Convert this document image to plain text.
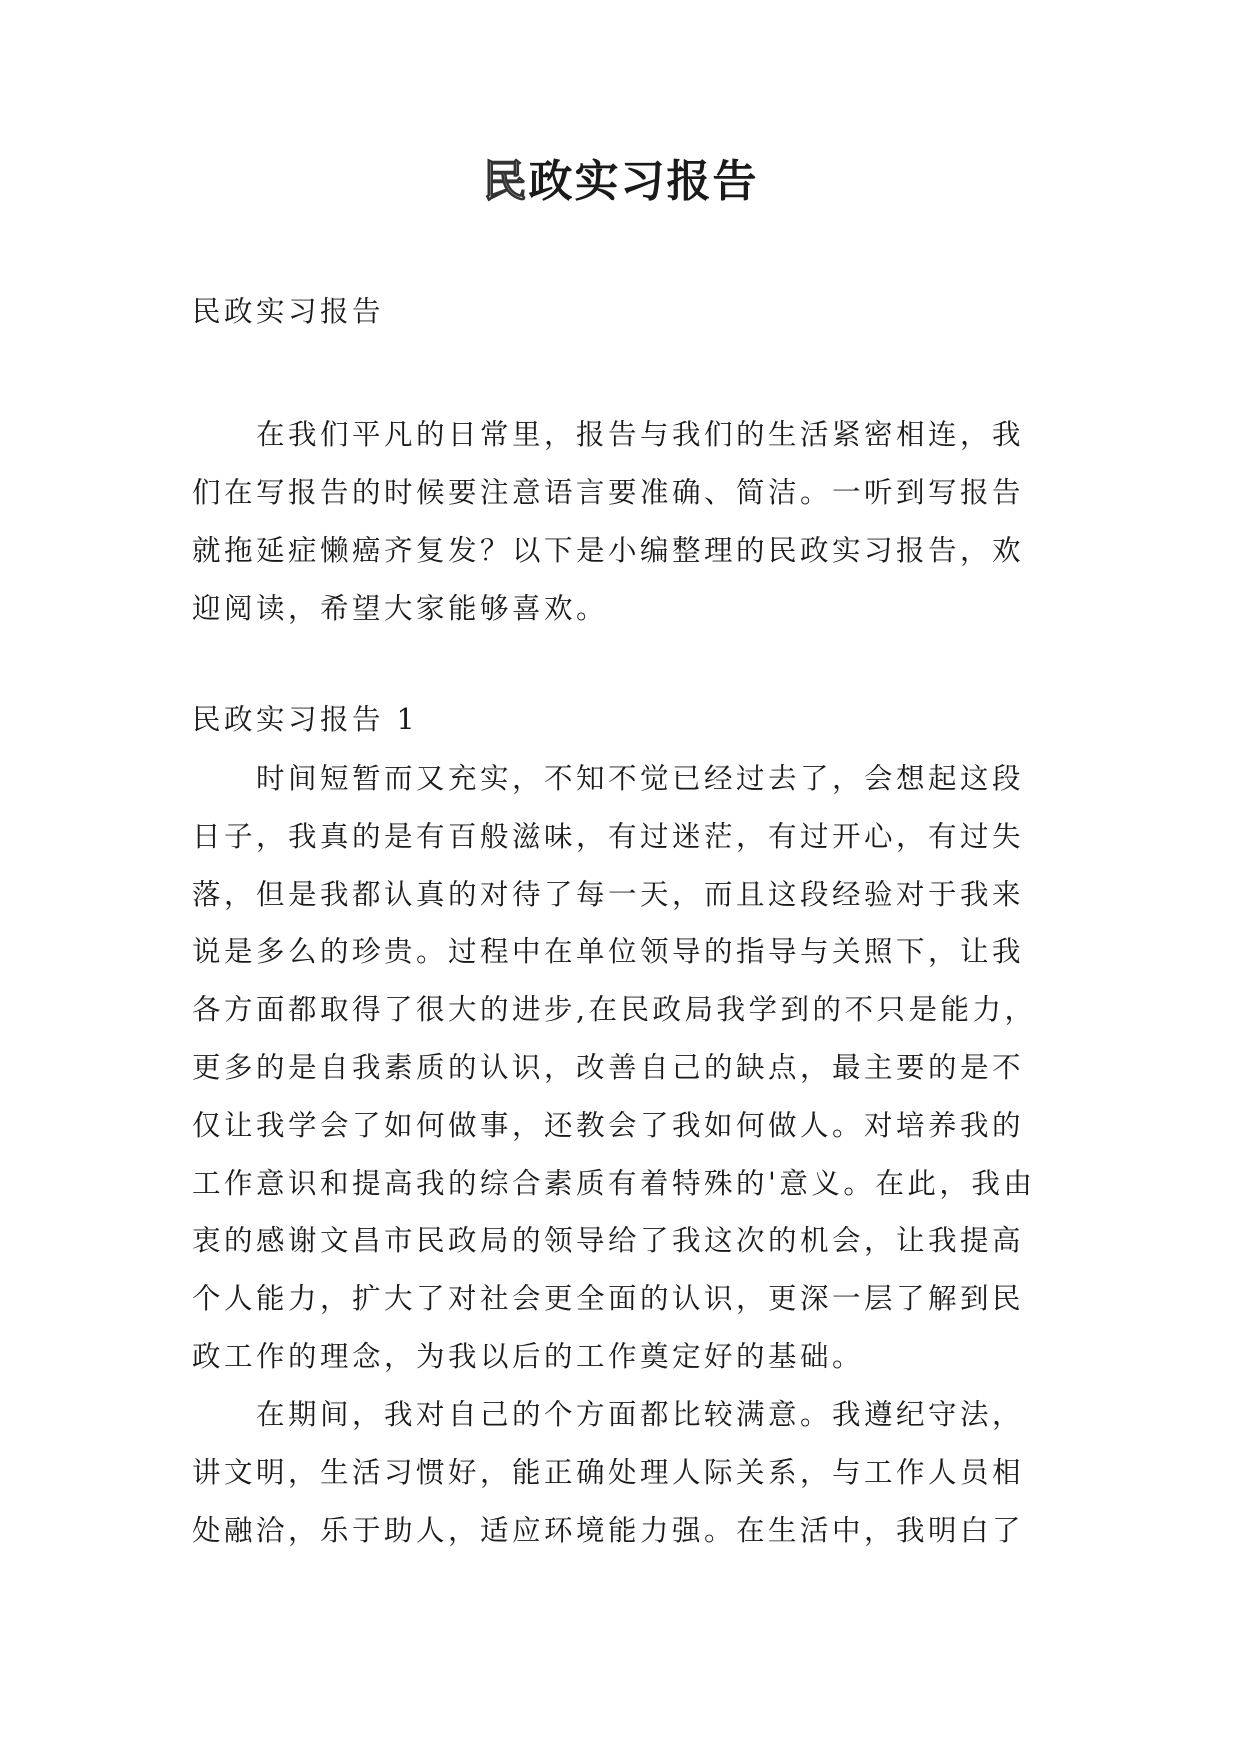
民政实习报告

民政实习报告

在我们平凡的日常里，报告与我们的生活紧密相连，我们在写报告的时候要注意语言要准确、简洁。一听到写报告就拖延症懒癌齐复发？以下是小编整理的民政实习报告，欢迎阅读，希望大家能够喜欢。

民政实习报告 1

时间短暂而又充实，不知不觉已经过去了，会想起这段日子，我真的是有百般滋味，有过迷茫，有过开心，有过失落，但是我都认真的对待了每一天，而且这段经验对于我来说是多么的珍贵。过程中在单位领导的指导与关照下，让我各方面都取得了很大的进步,在民政局我学到的不只是能力，更多的是自我素质的认识，改善自己的缺点，最主要的是不仅让我学会了如何做事，还教会了我如何做人。对培养我的工作意识和提高我的综合素质有着特殊的'意义。在此，我由衷的感谢文昌市民政局的领导给了我这次的机会，让我提高个人能力，扩大了对社会更全面的认识，更深一层了解到民政工作的理念，为我以后的工作奠定好的基础。

在期间，我对自己的个方面都比较满意。我遵纪守法，讲文明，生活习惯好，能正确处理人际关系，与工作人员相处融洽，乐于助人，适应环境能力强。在生活中，我明白了
